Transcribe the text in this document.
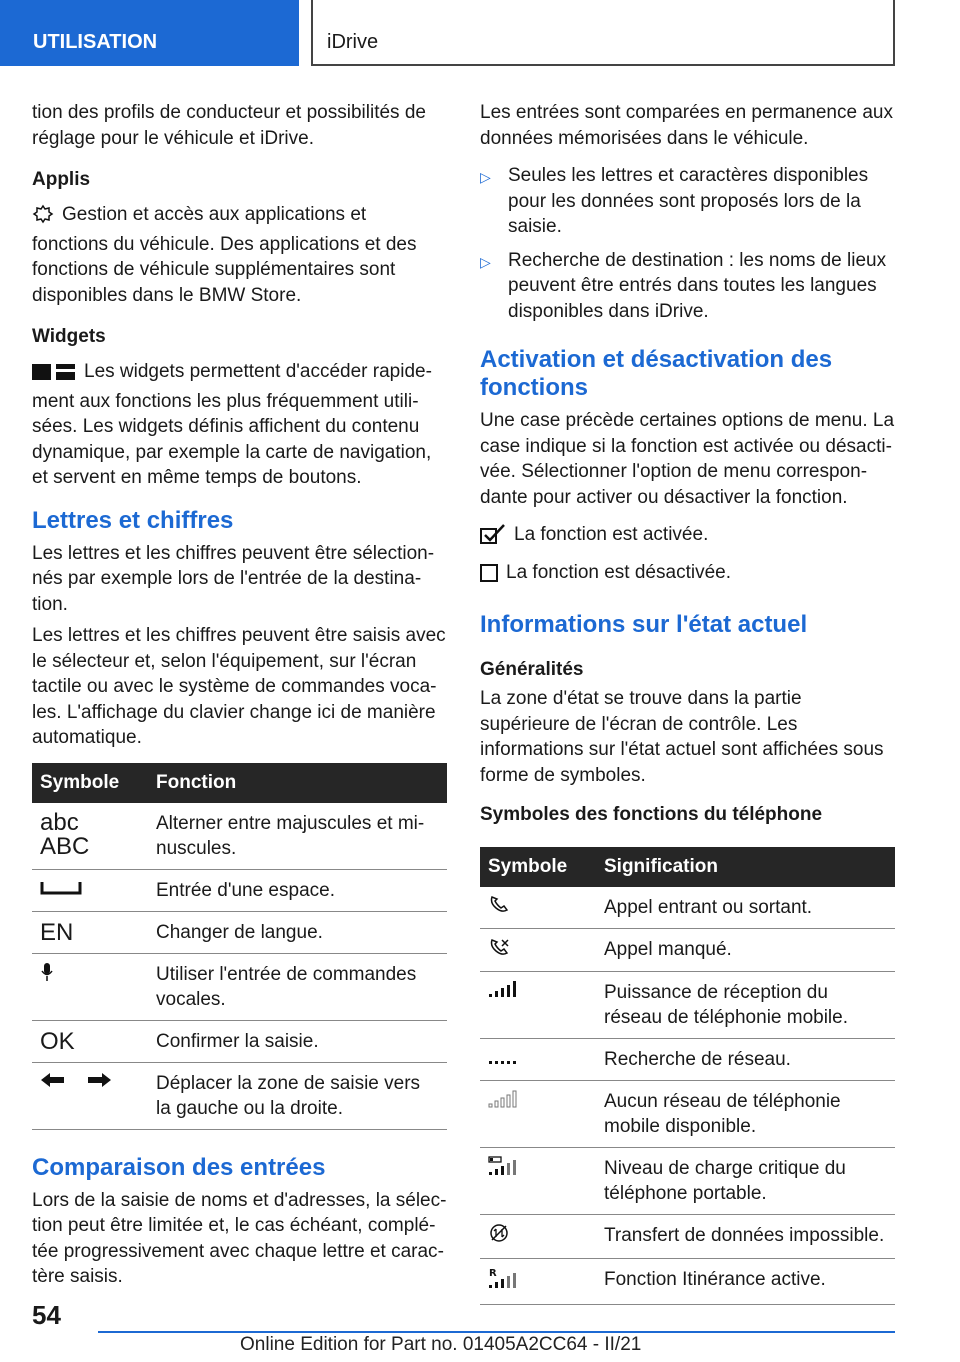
UTILISATION	iDrive

tion des profils de conducteur et possibilités de réglage pour le véhicule et iDrive.

Applis

Gestion et accès aux applications et fonctions du véhicule. Des applications et des fonctions de véhicule supplémentaires sont disponibles dans le BMW Store.

Widgets

Les widgets permettent d'accéder rapidement aux fonctions les plus fréquemment utilisées. Les widgets définis affichent du contenu dynamique, par exemple la carte de navigation, et servent en même temps de boutons.

Lettres et chiffres

Les lettres et les chiffres peuvent être sélectionnés par exemple lors de l'entrée de la destination.

Les lettres et les chiffres peuvent être saisis avec le sélecteur et, selon l'équipement, sur l'écran tactile ou avec le système de commandes vocales. L'affichage du clavier change ici de manière automatique.

Symbole	Fonction

abc
ABC	Alterner entre majuscules et minuscules.
	Entrée d'une espace.
EN	Changer de langue.
	Utiliser l'entrée de commandes vocales.
OK	Confirmer la saisie.
	Déplacer la zone de saisie vers la gauche ou la droite.
Comparaison des entrées

Lors de la saisie de noms et d'adresses, la sélection peut être limitée et, le cas échéant, complétée progressivement avec chaque lettre et caractère saisis.

Les entrées sont comparées en permanence aux données mémorisées dans le véhicule.

▷ Seules les lettres et caractères disponibles pour les données sont proposés lors de la saisie.
▷ Recherche de destination : les noms de lieux peuvent être entrés dans toutes les langues disponibles dans iDrive.
Activation et désactivation des fonctions

Une case précède certaines options de menu. La case indique si la fonction est activée ou désactivée. Sélectionner l'option de menu correspondante pour activer ou désactiver la fonction.

La fonction est activée.

La fonction est désactivée.

Informations sur l'état actuel
Généralités

La zone d'état se trouve dans la partie supérieure de l'écran de contrôle. Les informations sur l'état actuel sont affichées sous forme de symboles.

Symboles des fonctions du téléphone
Symbole	Signification
	Appel entrant ou sortant.
	Appel manqué.
	Puissance de réception du réseau de téléphonie mobile.
	Recherche de réseau.
	Aucun réseau de téléphonie mobile disponible.
	Niveau de charge critique du téléphone portable.
	Transfert de données impossible.

R	Fonction Itinérance active.
54
Online Edition for Part no. 01405A2CC64 - II/21
